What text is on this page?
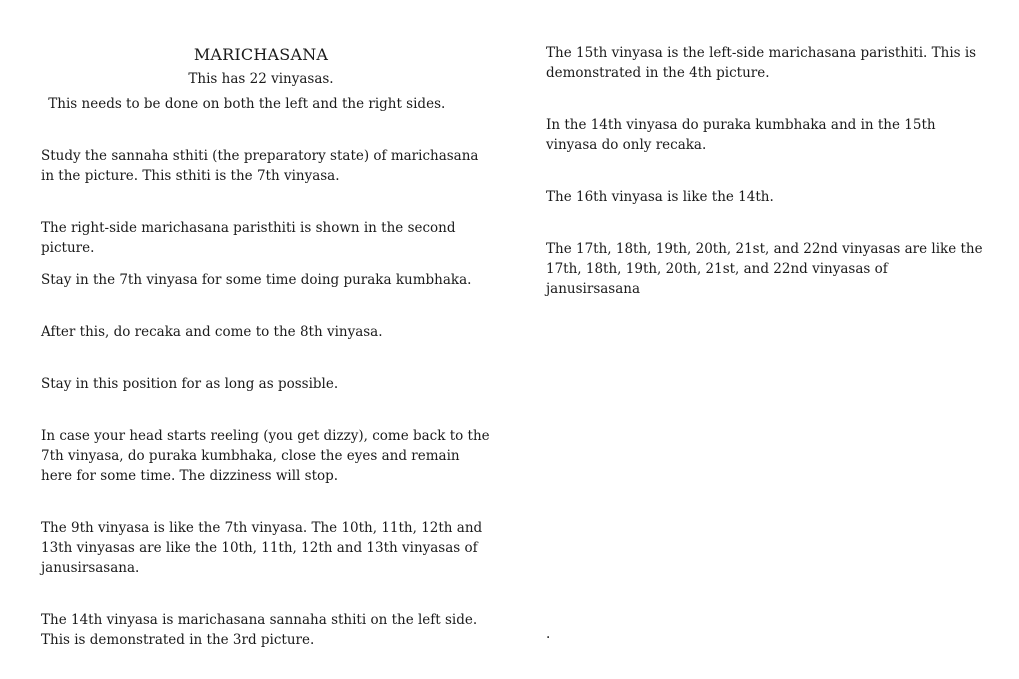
MARICHASANA
This has 22 vinyasas.

This needs to be done on both the left and the right sides.

Study the sannaha sthiti (the preparatory state) of marichasana in the picture. This sthiti is the 7th vinyasa.

The right-side marichasana paristhiti is shown in the second picture.

Stay in the 7th vinyasa for some time doing puraka kumbhaka.

After this, do recaka and come to the 8th vinyasa.

Stay in this position for as long as possible.

In case your head starts reeling (you get dizzy), come back to the 7th vinyasa, do puraka kumbhaka, close the eyes and remain here for some time. The dizziness will stop.

The 9th vinyasa is like the 7th vinyasa. The 10th, 11th, 12th and 13th vinyasas are like the 10th, 11th, 12th and 13th vinyasas of janusirsasana.

The 14th vinyasa is marichasana sannaha sthiti on the left side. This is demonstrated in the 3rd picture.

The 15th vinyasa is the left-side marichasana paristhiti. This is demonstrated in the 4th picture.

In the 14th vinyasa do puraka kumbhaka and in the 15th vinyasa do only recaka.

The 16th vinyasa is like the 14th.

The 17th, 18th, 19th, 20th, 21st, and 22nd vinyasas are like the 17th, 18th, 19th, 20th, 21st, and 22nd vinyasas of janusirsasana

.
